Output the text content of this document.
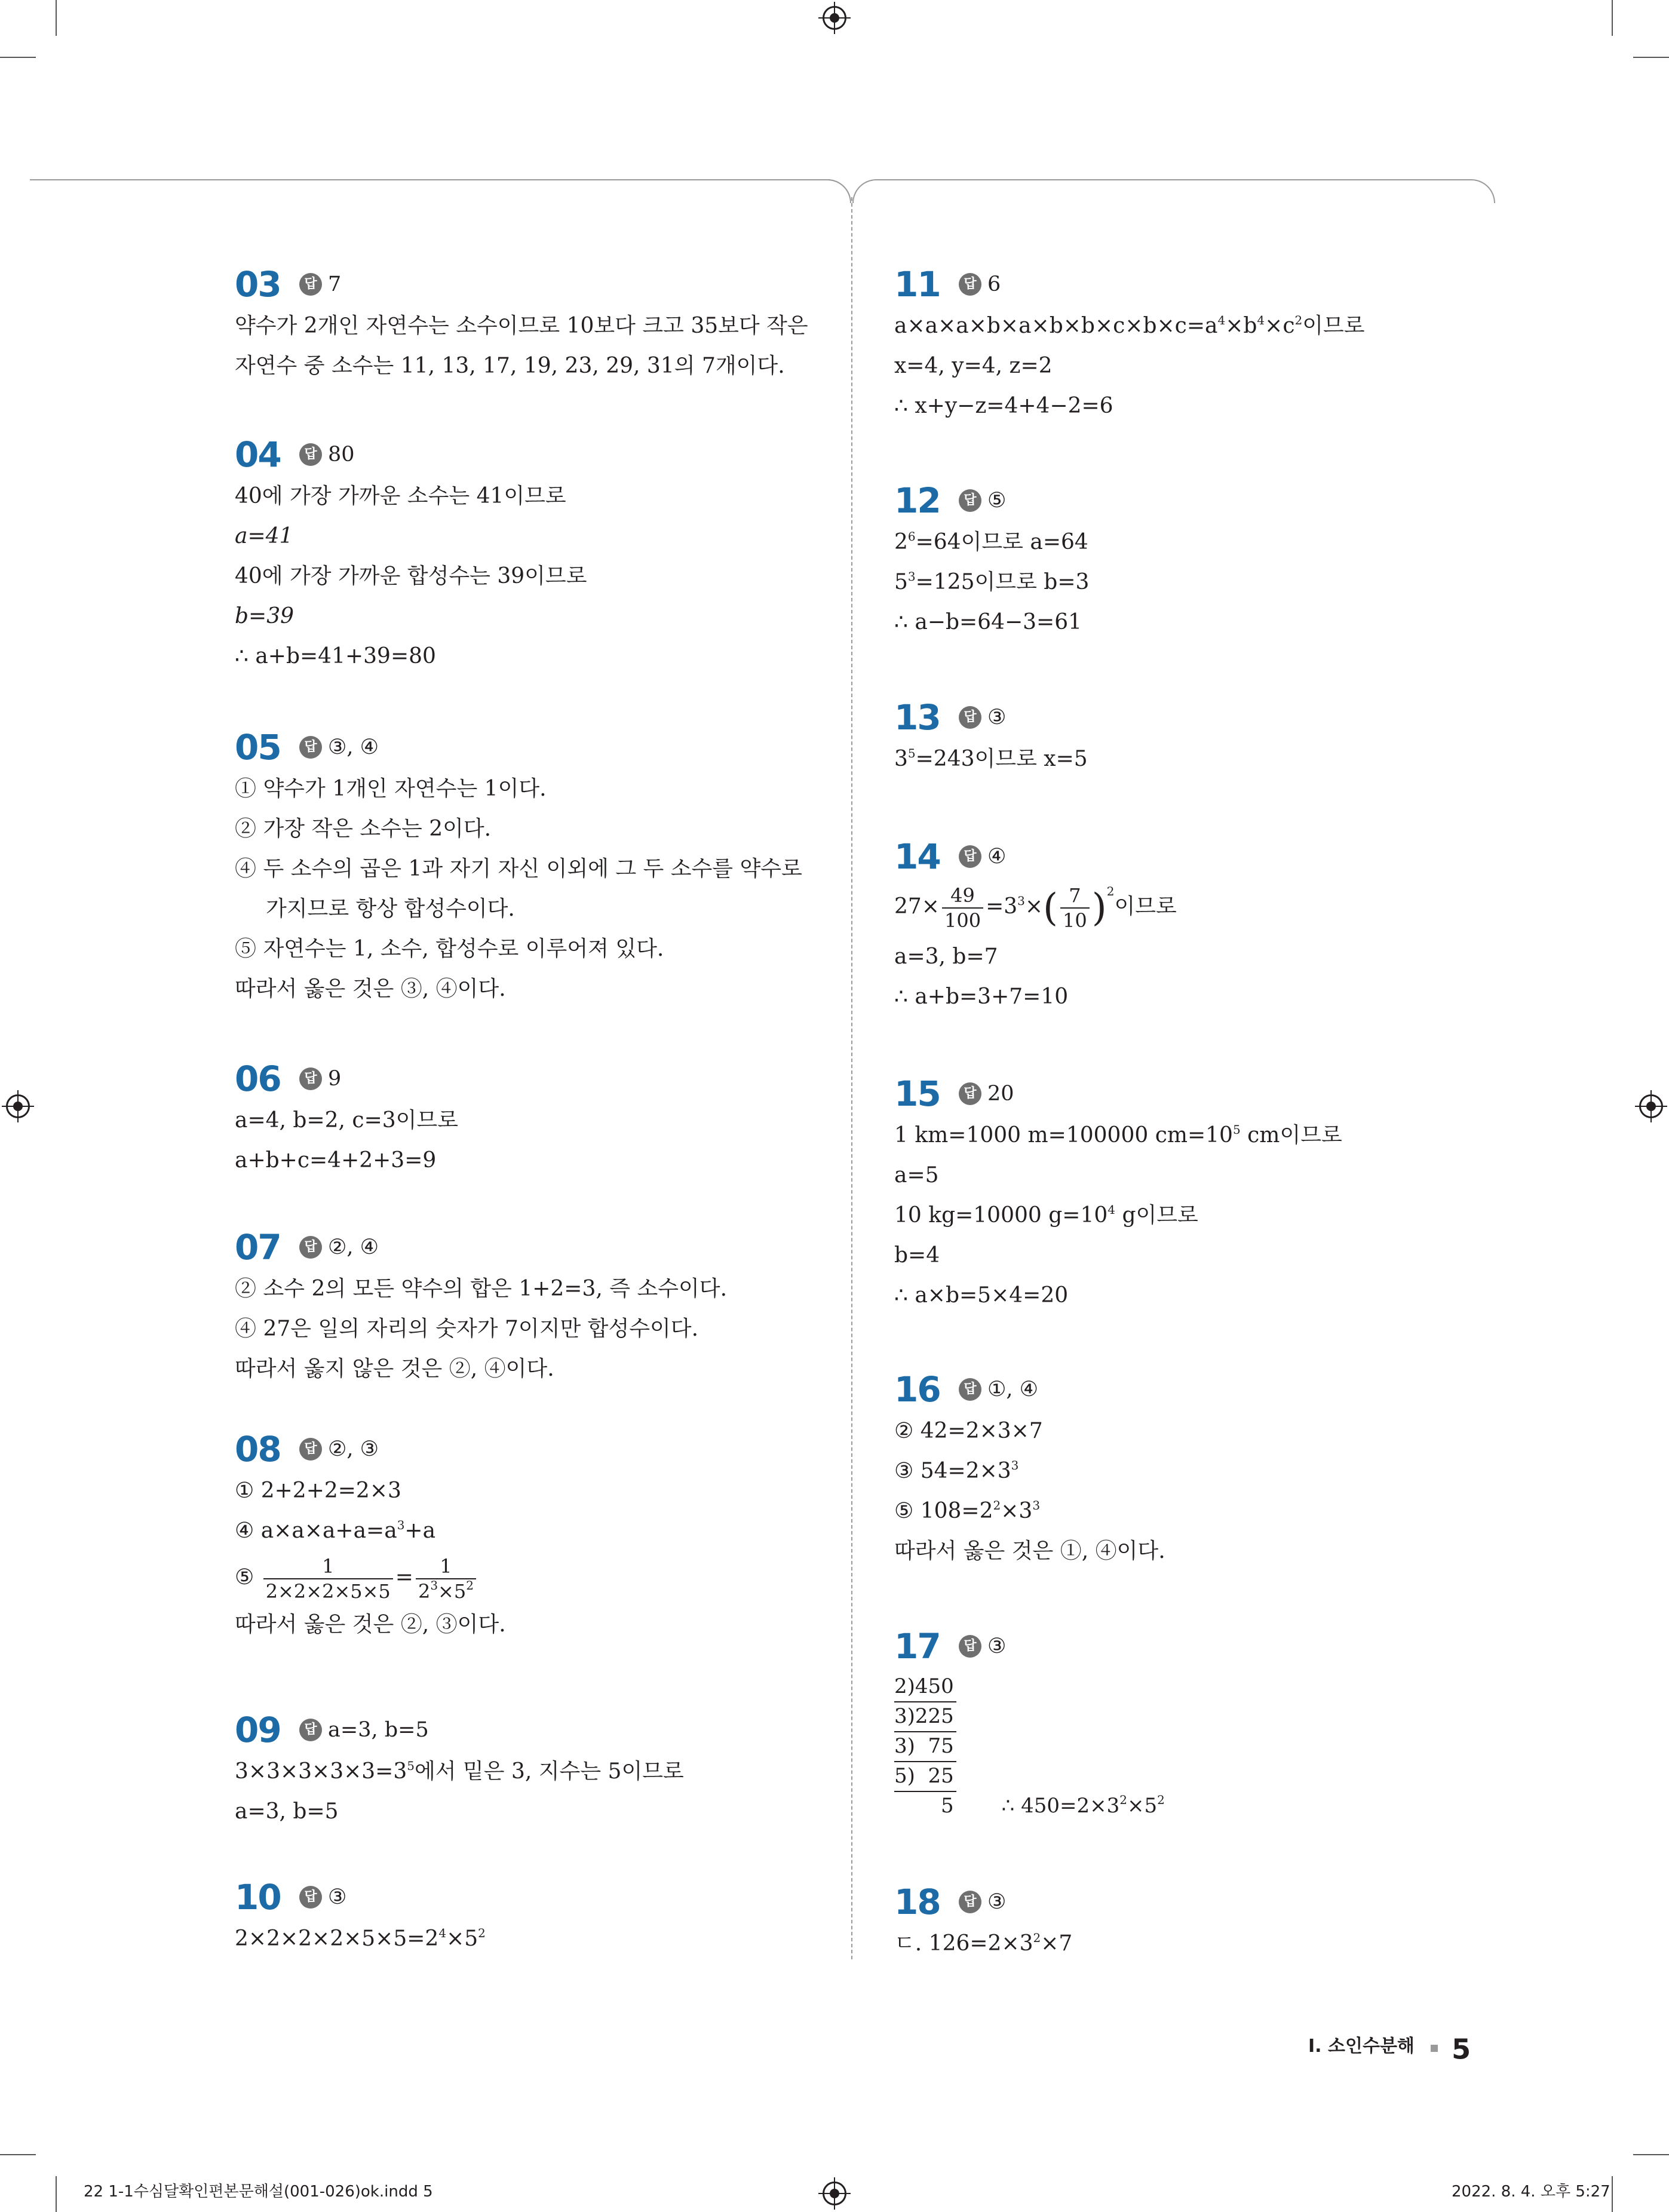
03	답 7
약수가 2개인 자연수는 소수이므로 10보다 크고 35보다 작은
자연수 중 소수는 11, 13, 17, 19, 23, 29, 31의 7개이다.
04	답 80
40에 가장 가까운 소수는 41이므로
a=41
40에 가장 가까운 합성수는 39이므로
b=39
∴ a+b=41+39=80
05	답 ③, ④
① 약수가 1개인 자연수는 1이다.
② 가장 작은 소수는 2이다.
④ 두 소수의 곱은 1과 자기 자신 이외에 그 두 소수를 약수로
가지므로 항상 합성수이다.
⑤ 자연수는 1, 소수, 합성수로 이루어져 있다.
따라서 옳은 것은 ③, ④이다.
06	답 9
a=4, b=2, c=3이므로
a+b+c=4+2+3=9
07	답 ②, ④
② 소수 2의 모든 약수의 합은 1+2=3, 즉 소수이다.
④ 27은 일의 자리의 숫자가 7이지만 합성수이다.
따라서 옳지 않은 것은 ②, ④이다.
08	답 ②, ③
① 2+2+2=2×3
④ $a\times a\times a+a=a^3+a$
⑤ $\frac{1}{2\times 2\times 2\times 5\times 5} = \frac{1}{2^3\times 5^2}$
따라서 옳은 것은 ②, ③이다.
09	답 a=3, b=5
$3\times 3\times 3\times 3\times 3=3^5$에서 밑은 3, 지수는 5이므로
a=3, b=5
10	답 ③
$2\times 2\times 2\times 2\times 5\times 5=2^4\times 5^2$
11	답 6
$a\times a\times a\times b\times a\times b\times b\times c\times b\times c=a^4\times b^4\times c^2$이므로
x=4, y=4, z=2
∴ x+y−z=4+4−2=6
12	답 ⑤
$2^6=64$이므로 a=64
$5^3=125$이므로 b=3
∴ a−b=64−3=61
13	답 ③
$3^5=243$이므로 x=5
14	답 ④
$27\times \frac{49}{100} =3^3\times( \frac{7}{10} )^2$이므로
a=3, b=7
∴ a+b=3+7=10
15	답 20
1 km=1000 m=100000 $cm=10^5$ cm이므로
a=5
10 kg=10000 $g=10^4$ g이므로
b=4
∴ a×b=5×4=20
16	답 ①, ④
② 42=2×3×7
③ $54=2\times 3^3$
⑤ $108=2^2\times 3^3$
따라서 옳은 것은 ①, ④이다.
17	답 ③
2)450
3)225
3)  75
5)  25
5 ∴ $450=2\times 3^2\times 5^2$
18	답 ③
ㄷ. $126=2\times 3^2\times 7$
I. 소인수분해 5
22 1-1수심달확인편본문해설(001-026)ok.indd 5	2022. 8. 4. 오후 5:27
